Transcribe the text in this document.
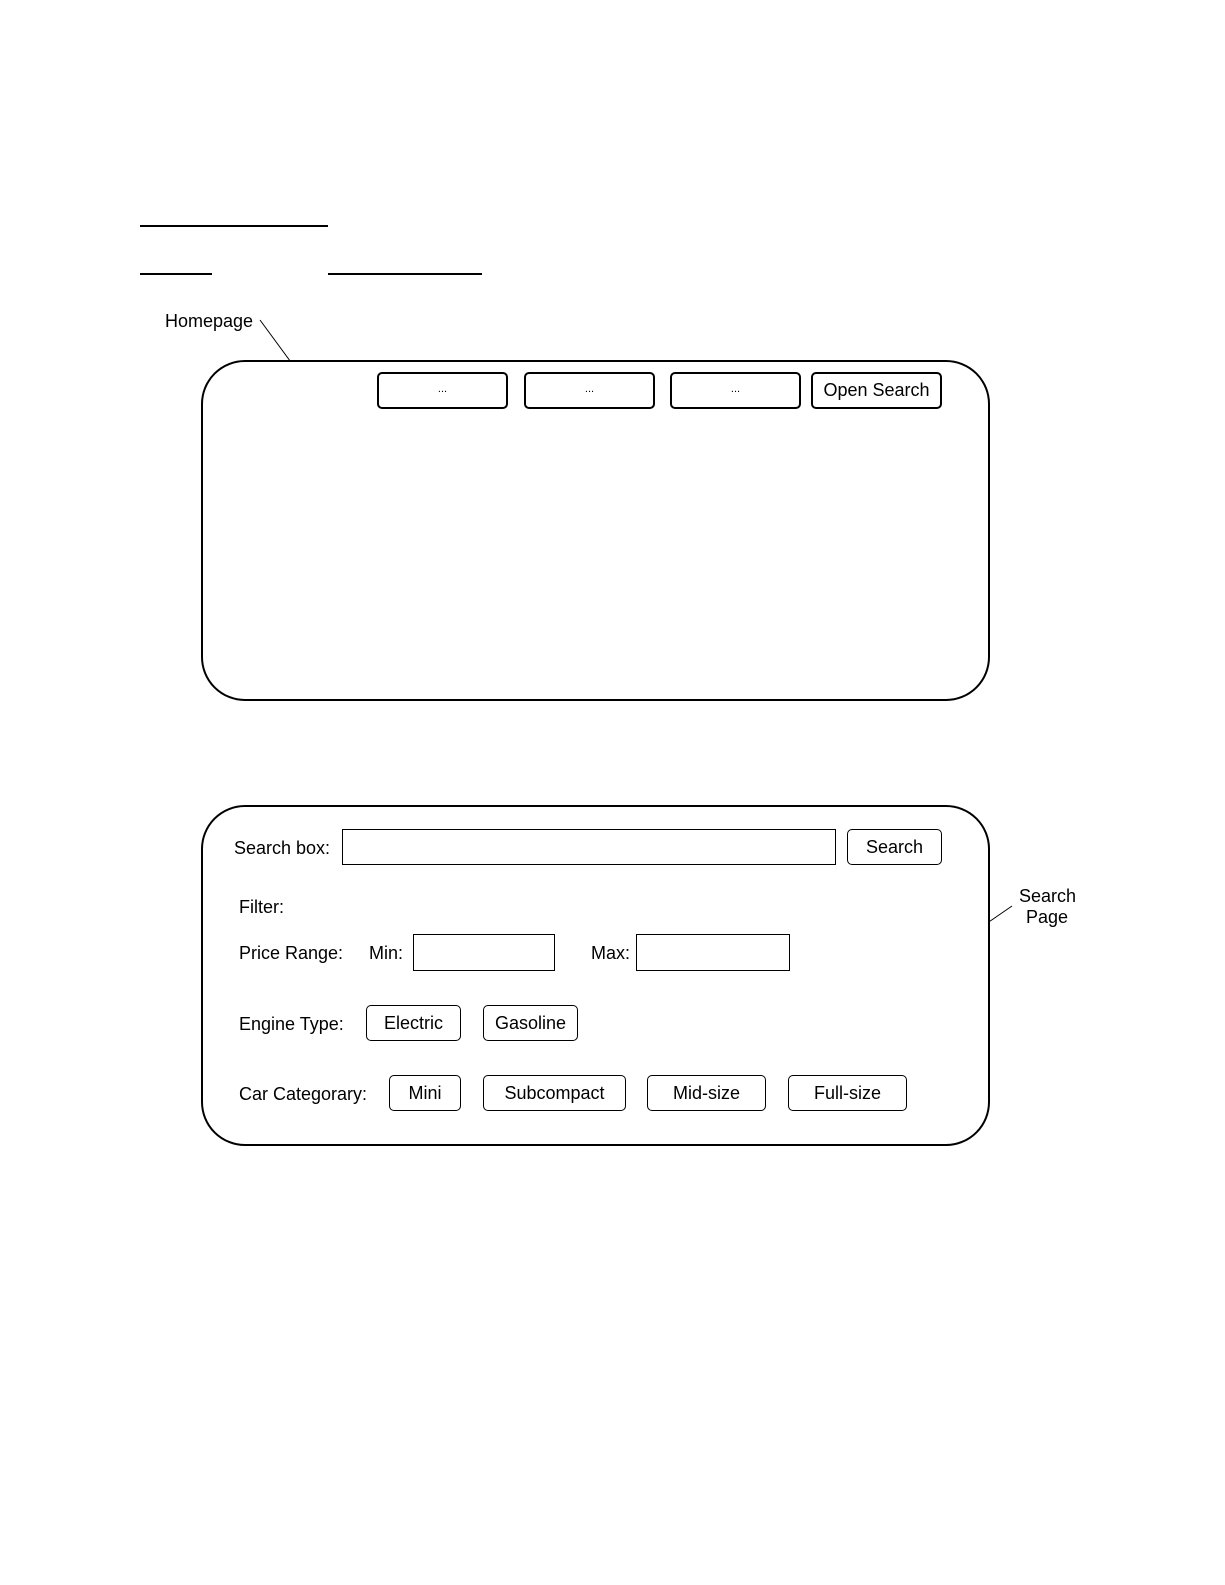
Homepage
Search
Page
...	...	...	Open Search
Search box:	Search
Filter:
Price Range: Min:	Max:
Engine Type:	Electric	Gasoline
Car Categorary:	Mini	Subcompact	Mid-size	Full-size
